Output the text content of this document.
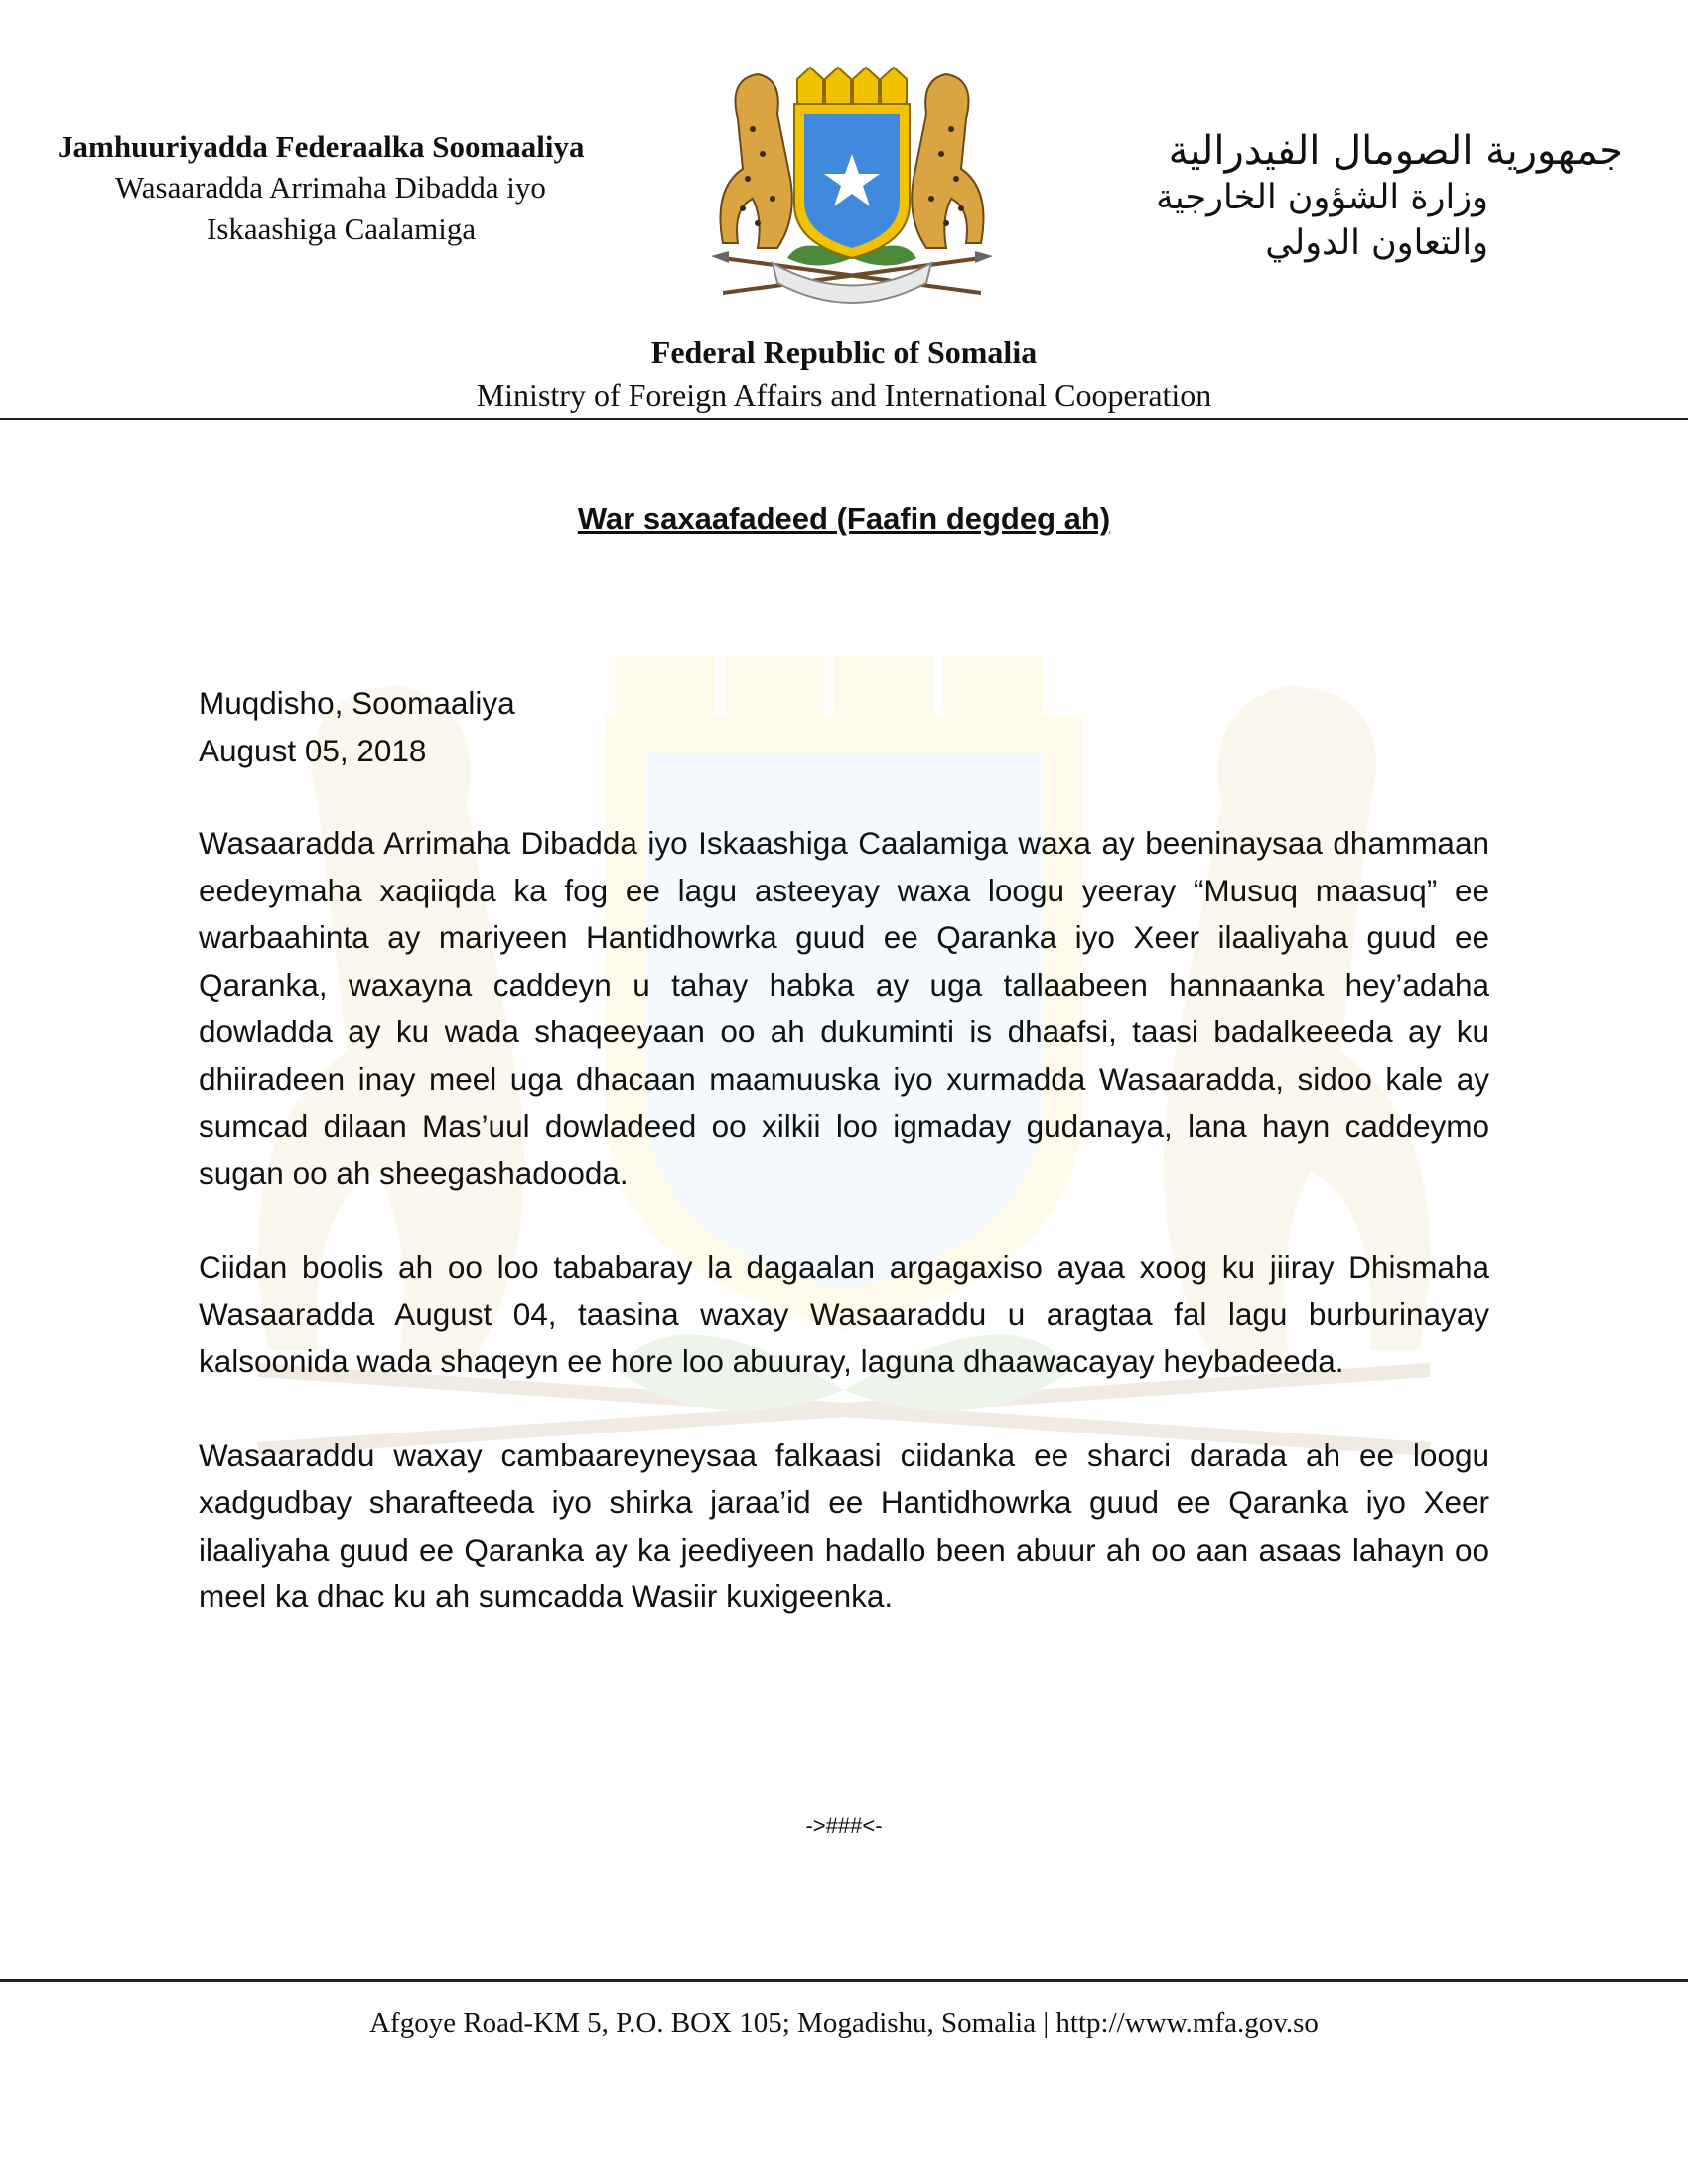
Jamhuuriyadda Federaalka Soomaaliya
Wasaaradda Arrimaha Dibadda iyo
Iskaashiga Caalamiga
جمهورية الصومال الفيدرالية
وزارة الشؤون الخارجية
والتعاون الدولي
Federal Republic of Somalia
Ministry of Foreign Affairs and International Cooperation
War saxaafadeed (Faafin degdeg ah)

Muqdisho, Soomaaliya
August 05, 2018

Wasaaradda Arrimaha Dibadda iyo Iskaashiga Caalamiga waxa ay beeninaysaa dhammaan eedeymaha xaqiiqda ka fog ee lagu asteeyay waxa loogu yeeray “Musuq maasuq” ee warbaahinta ay mariyeen Hantidhowrka guud ee Qaranka iyo Xeer ilaaliyaha guud ee Qaranka, waxayna caddeyn u tahay habka ay uga tallaabeen hannaanka hey’adaha dowladda ay ku wada shaqeeyaan oo ah dukuminti is dhaafsi, taasi badalkeeeda ay ku dhiiradeen inay meel uga dhacaan maamuuska iyo xurmadda Wasaaradda, sidoo kale ay sumcad dilaan Mas’uul dowladeed oo xilkii loo igmaday gudanaya, lana hayn caddeymo sugan oo ah sheegashadooda.

Ciidan boolis ah oo loo tababaray la dagaalan argagaxiso ayaa xoog ku jiiray Dhismaha Wasaaradda August 04, taasina waxay Wasaaraddu u aragtaa fal lagu burburinayay kalsoonida wada shaqeyn ee hore loo abuuray, laguna dhaawacayay heybadeeda.

Wasaaraddu waxay cambaareyneysaa falkaasi ciidanka ee sharci darada ah ee loogu xadgudbay sharafteeda iyo shirka jaraa’id ee Hantidhowrka guud ee Qaranka iyo Xeer ilaaliyaha guud ee Qaranka ay ka jeediyeen hadallo been abuur ah oo aan asaas lahayn oo meel ka dhac ku ah sumcadda Wasiir kuxigeenka.

->###<-
Afgoye Road-KM 5, P.O. BOX 105; Mogadishu, Somalia | http://www.mfa.gov.so
